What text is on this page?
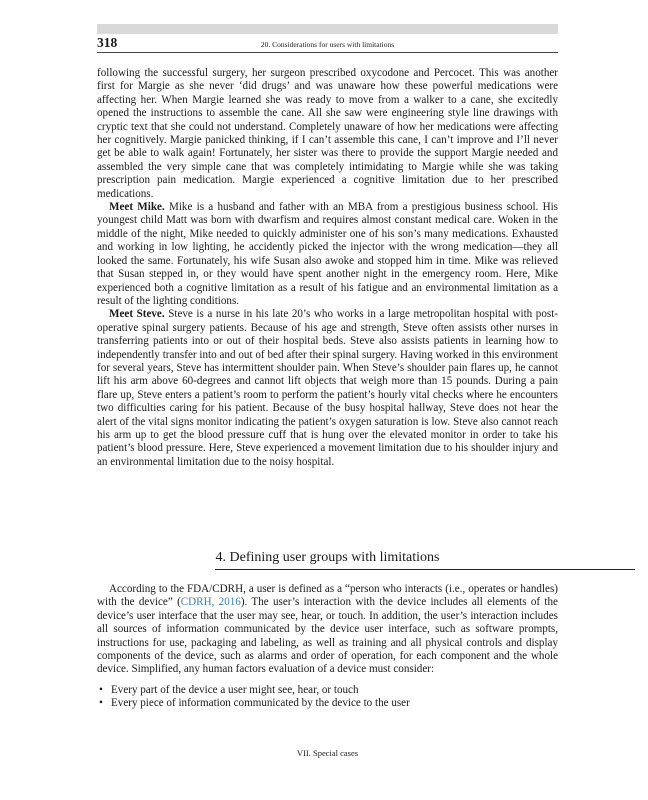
318	20. Considerations for users with limitations

following the successful surgery, her surgeon prescribed oxycodone and Percocet. This was another first for Margie as she never ‘did drugs’ and was unaware how these powerful medications were affecting her. When Margie learned she was ready to move from a walker to a cane, she excitedly opened the instructions to assemble the cane. All she saw were engineering style line drawings with cryptic text that she could not understand. Completely unaware of how her medications were affecting her cognitively. Margie panicked thinking, if I can’t assemble this cane, I can’t improve and I’ll never get be able to walk again! Fortunately, her sister was there to provide the support Margie needed and assembled the very simple cane that was completely intimidating to Margie while she was taking prescription pain medication. Margie experienced a cognitive limitation due to her prescribed medications.

Meet Mike. Mike is a husband and father with an MBA from a prestigious business school. His youngest child Matt was born with dwarfism and requires almost constant medical care. Woken in the middle of the night, Mike needed to quickly administer one of his son’s many medications. Exhausted and working in low lighting, he accidently picked the injector with the wrong medication—they all looked the same. Fortunately, his wife Susan also awoke and stopped him in time. Mike was relieved that Susan stepped in, or they would have spent another night in the emergency room. Here, Mike experienced both a cognitive limitation as a result of his fatigue and an environmental limitation as a result of the lighting conditions.

Meet Steve. Steve is a nurse in his late 20’s who works in a large metropolitan hospital with post-operative spinal surgery patients. Because of his age and strength, Steve often assists other nurses in transferring patients into or out of their hospital beds. Steve also assists patients in learning how to independently transfer into and out of bed after their spinal surgery. Having worked in this environment for several years, Steve has intermittent shoulder pain. When Steve’s shoulder pain flares up, he cannot lift his arm above 60-degrees and cannot lift objects that weigh more than 15 pounds. During a pain flare up, Steve enters a patient’s room to perform the patient’s hourly vital checks where he encounters two difficulties caring for his patient. Because of the busy hospital hallway, Steve does not hear the alert of the vital signs monitor indicating the patient’s oxygen saturation is low. Steve also cannot reach his arm up to get the blood pressure cuff that is hung over the elevated monitor in order to take his patient’s blood pressure. Here, Steve experienced a movement limitation due to his shoulder injury and an environmental limitation due to the noisy hospital.

4. Defining user groups with limitations

According to the FDA/CDRH, a user is defined as a “person who interacts (i.e., operates or handles) with the device” (CDRH, 2016). The user’s interaction with the device includes all elements of the device’s user interface that the user may see, hear, or touch. In addition, the user’s interaction includes all sources of information communicated by the device user interface, such as software prompts, instructions for use, packaging and labeling, as well as training and all physical controls and display components of the device, such as alarms and order of operation, for each component and the whole device. Simplified, any human factors evaluation of a device must consider:

• Every part of the device a user might see, hear, or touch
• Every piece of information communicated by the device to the user
VII. Special cases
